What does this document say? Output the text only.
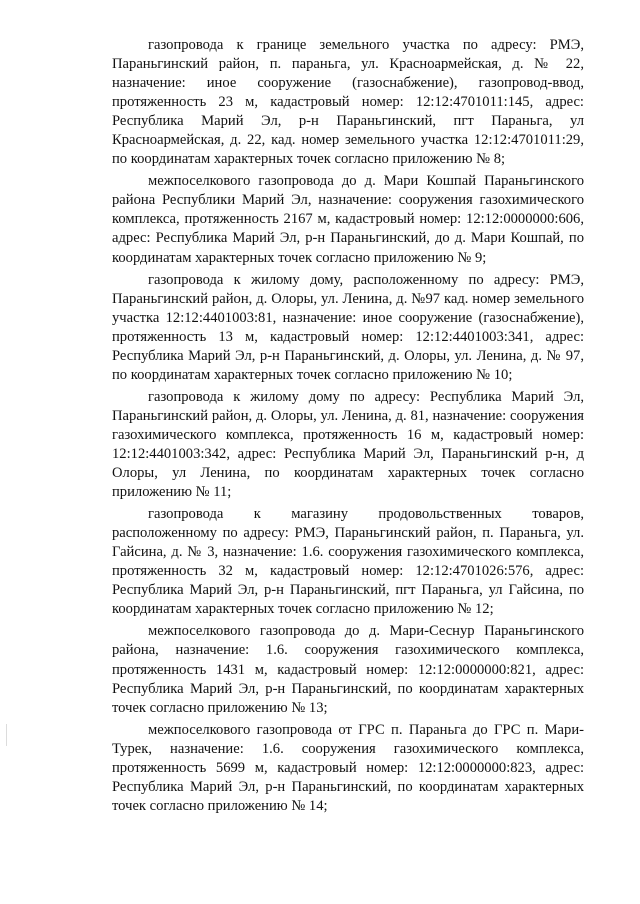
газопровода к границе земельного участка по адресу: РМЭ, Параньгинский район, п. параньга, ул. Красноармейская, д. № 22, назначение: иное сооружение (газоснабжение), газопровод-ввод, протяженность 23 м, кадастровый номер: 12:12:4701011:145, адрес: Республика Марий Эл, р-н Параньгинский, пгт Параньга, ул Красноармейская, д. 22, кад. номер земельного участка 12:12:4701011:29, по координатам характерных точек согласно приложению № 8;

межпоселкового газопровода до д. Мари Кошпай Параньгинского района Республики Марий Эл, назначение: сооружения газохимического комплекса, протяженность 2167 м, кадастровый номер: 12:12:0000000:606, адрес: Республика Марий Эл, р-н Параньгинский, до д. Мари Кошпай, по координатам характерных точек согласно приложению № 9;

газопровода к жилому дому, расположенному по адресу: РМЭ, Параньгинский район, д. Олоры, ул. Ленина, д. №97 кад. номер земельного участка 12:12:4401003:81, назначение: иное сооружение (газоснабжение), протяженность 13 м, кадастровый номер: 12:12:4401003:341, адрес: Республика Марий Эл, р-н Параньгинский, д. Олоры, ул. Ленина, д. № 97, по координатам характерных точек согласно приложению № 10;

газопровода к жилому дому по адресу: Республика Марий Эл, Параньгинский район, д. Олоры, ул. Ленина, д. 81, назначение: сооружения газохимического комплекса, протяженность 16 м, кадастровый номер: 12:12:4401003:342, адрес: Республика Марий Эл, Параньгинский р-н, д Олоры, ул Ленина, по координатам характерных точек согласно приложению № 11;

газопровода к магазину продовольственных товаров, расположенному по адресу: РМЭ, Параньгинский район, п. Параньга, ул. Гайсина, д. № 3, назначение: 1.6. сооружения газохимического комплекса, протяженность 32 м, кадастровый номер: 12:12:4701026:576, адрес: Республика Марий Эл, р-н Параньгинский, пгт Параньга, ул Гайсина, по координатам характерных точек согласно приложению № 12;

межпоселкового газопровода до д. Мари-Сеснур Параньгинского района, назначение: 1.6. сооружения газохимического комплекса, протяженность 1431 м, кадастровый номер: 12:12:0000000:821, адрес: Республика Марий Эл, р-н Параньгинский, по координатам характерных точек согласно приложению № 13;

межпоселкового газопровода от ГРС п. Параньга до ГРС п. Мари-Турек, назначение: 1.6. сооружения газохимического комплекса, протяженность 5699 м, кадастровый номер: 12:12:0000000:823, адрес: Республика Марий Эл, р-н Параньгинский, по координатам характерных точек согласно приложению № 14;
